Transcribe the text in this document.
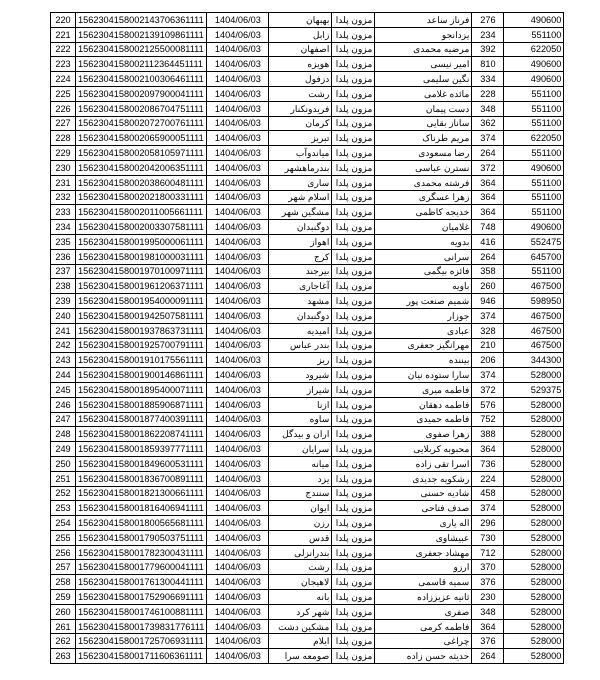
220	1562304158002143706361111	1404/06/03	بهبهان	مزون پلدا	فرناز ساعد	276	490600
221	1562304158002139109861111	1404/06/03	زابل	مزون پلدا	یزدانجو	234	551100
222	1562304158002125500081111	1404/06/03	اصفهان	مزون پلدا	مرضیه محمدی	392	622050
223	1562304158002112364451111	1404/06/03	هویزه	مزون پلدا	امیر نیسی	810	490600
224	1562304158002100306461111	1404/06/03	دزفول	مزون پلدا	نگین سلیمی	334	490600
225	1562304158002097900041111	1404/06/03	رشت	مزون پلدا	مائده غلامی	228	551100
226	1562304158002086704751111	1404/06/03	فریدونکنار	مزون پلدا	دست پیمان	348	551100
227	1562304158002072700761111	1404/06/03	کرمان	مزون پلدا	ساناز بقایی	362	551100
228	1562304158002065900051111	1404/06/03	تبریز	مزون پلدا	مریم طرناک	374	622050
229	1562304158002058105971111	1404/06/03	میاندوآب	مزون پلدا	رضا مسعودی	264	551100
230	1562304158002042006351111	1404/06/03	بندرماهشهر	مزون پلدا	نسترن عباسی	372	490600
231	1562304158002038600481111	1404/06/03	ساری	مزون پلدا	فرشته محمدی	364	551100
232	1562304158002021800331111	1404/06/03	اسلام شهر	مزون پلدا	زهرا عسگری	364	551100
233	1562304158002011005661111	1404/06/03	مشگین شهر	مزون پلدا	خدیجه کاظمی	364	551100
234	1562304158002003307581111	1404/06/03	دوگنبدان	مزون پلدا	غلامیان	748	490600
235	1562304158001995000061111	1404/06/03	اهواز	مزون پلدا	بدویه	416	552475
236	1562304158001981000031111	1404/06/03	کرج	مزون پلدا	سرانی	264	645700
237	1562304158001970100971111	1404/06/03	بیرجند	مزون پلدا	فائزه بیگمی	358	551100
238	1562304158001961206371111	1404/06/03	آغاجاری	مزون پلدا	باویه	260	467500
239	1562304158001954000091111	1404/06/03	مشهد	مزون پلدا	شمیم صنعت پور	946	598950
240	1562304158001942507581111	1404/06/03	دوگنبدان	مزون پلدا	جوزار	374	467500
241	1562304158001937863731111	1404/06/03	امیدیه	مزون پلدا	عبادی	328	467500
242	1562304158001925700791111	1404/06/03	بندر عباس	مزون پلدا	مهرانگیز جعفری	210	467500
243	1562304158001910175561111	1404/06/03	ریز	مزون پلدا	بیننده	206	344300
244	1562304158001900146861111	1404/06/03	شیرود	مزون پلدا	سارا ستوده نیان	374	528000
245	1562304158001895400071111	1404/06/03	شیراز	مزون پلدا	فاطمه میری	372	529375
246	1562304158001885906871111	1404/06/03	ازنا	مزون پلدا	فاطمه دهقان	576	528000
247	1562304158001877400391111	1404/06/03	ساوه	مزون پلدا	فاطمه حمیدی	752	528000
248	1562304158001862208741111	1404/06/03	اران و بیدگل	مزون پلدا	زهرا صفوی	388	528000
249	1562304158001859397771111	1404/06/03	سرایان	مزون پلدا	محبوبه کربلایی	364	528000
250	1562304158001849600531111	1404/06/03	میانه	مزون پلدا	اسرا تقی زاده	736	528000
251	1562304158001836700891111	1404/06/03	یزد	مزون پلدا	رشکویه جدیدی	224	528000
252	1562304158001821300661111	1404/06/03	سنندج	مزون پلدا	شادیه حسنی	458	528000
253	1562304158001816406941111	1404/06/03	ایوان	مزون پلدا	صدف فتاحی	374	528000
254	1562304158001800565681111	1404/06/03	رزن	مزون پلدا	اله یاری	296	528000
255	1562304158001790503751111	1404/06/03	قدس	مزون پلدا	عبیشاوی	730	528000
256	1562304158001782300431111	1404/06/03	بندرانزلی	مزون پلدا	مهشاد جعفری	712	528000
257	1562304158001779600041111	1404/06/03	رشت	مزون پلدا	ارزو	370	528000
258	1562304158001761300441111	1404/06/03	لاهیجان	مزون پلدا	سمیه قاسمی	376	528000
259	1562304158001752906691111	1404/06/03	بانه	مزون پلدا	ثانیه عزیززاده	230	528000
260	1562304158001746100881111	1404/06/03	شهر کرد	مزون پلدا	صفری	348	528000
261	1562304158001739831776111	1404/06/03	مشکین دشت	مزون پلدا	فاطمه کرمی	364	528000
262	1562304158001725706931111	1404/06/03	ایلام	مزون پلدا	چراغی	376	528000
263	1562304158001711606361111	1404/06/03	صومعه سرا	مزون پلدا	حدیثه حسن زاده	264	528000
